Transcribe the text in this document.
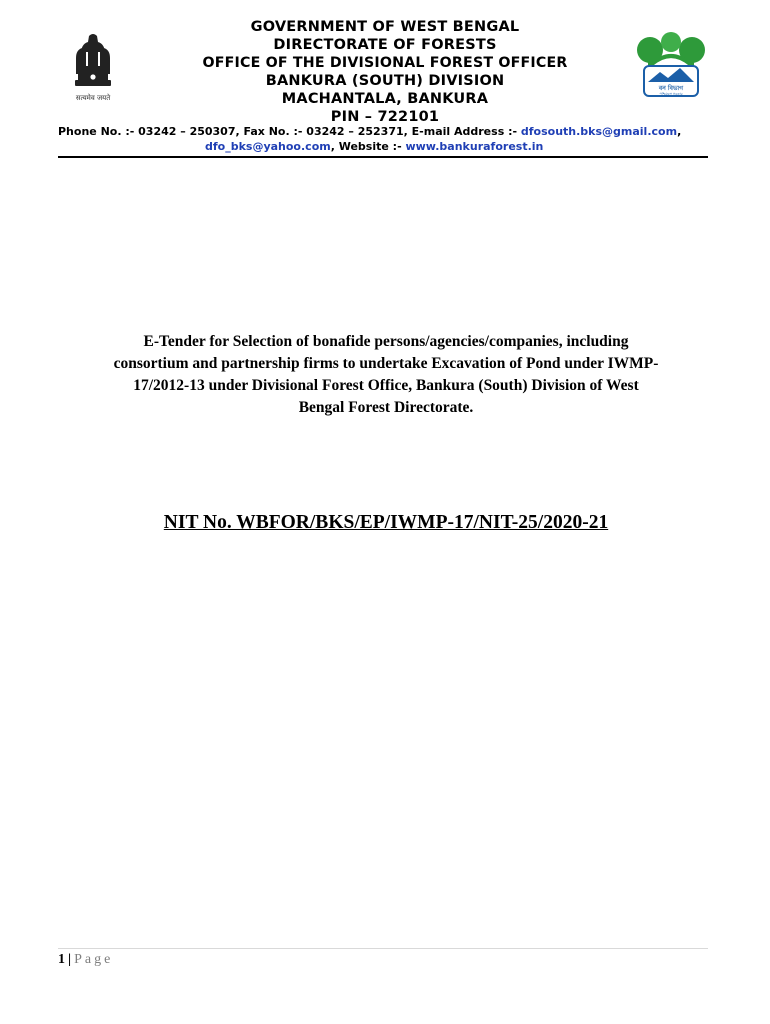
सत्यमेव जयते
GOVERNMENT OF WEST BENGAL
DIRECTORATE OF FORESTS
OFFICE OF THE DIVISIONAL FOREST OFFICER
BANKURA (SOUTH) DIVISION
MACHANTALA, BANKURA
PIN – 722101
বন বিভাগ
পশ্চিমবঙ্গ সরকার
Phone No. :- 03242 – 250307, Fax No. :- 03242 – 252371, E-mail Address :- dfosouth.bks@gmail.com,
dfo_bks@yahoo.com, Website :- www.bankuraforest.in
E-Tender for Selection of bonafide persons/agencies/companies, including
consortium and partnership firms to undertake Excavation of Pond under IWMP-
17/2012-13 under Divisional Forest Office, Bankura (South) Division of West
Bengal Forest Directorate.
NIT No. WBFOR/BKS/EP/IWMP-17/NIT-25/2020-21
1 | Page
